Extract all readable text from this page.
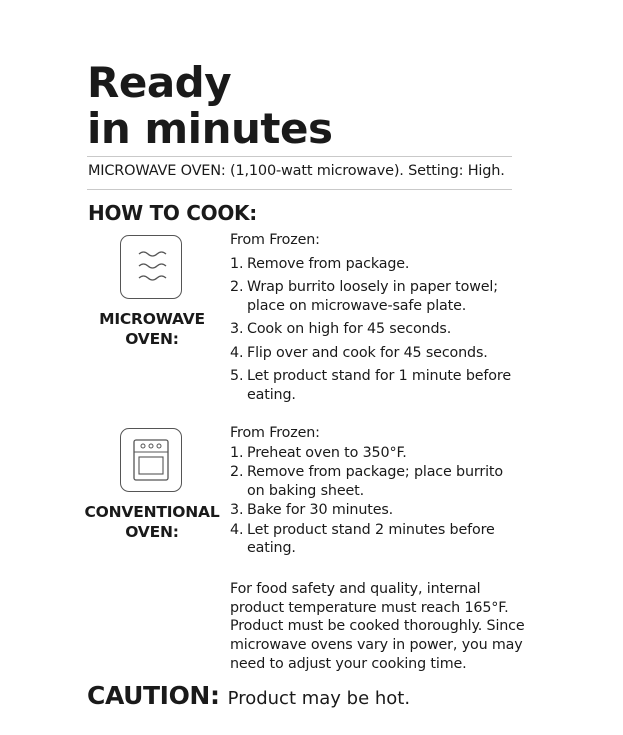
Ready
in minutes
MICROWAVE OVEN: (1,100-watt microwave). Setting: High.
HOW TO COOK:
MICROWAVE
OVEN:

From Frozen:

1. Remove from package.
2. Wrap burrito loosely in paper towel; place on microwave-safe plate.
3. Cook on high for 45 seconds.
4. Flip over and cook for 45 seconds.
5. Let product stand for 1 minute before eating.
CONVENTIONAL
OVEN:

From Frozen:

1. Preheat oven to 350°F.
2. Remove from package; place burrito on baking sheet.
3. Bake for 30 minutes.
4. Let product stand 2 minutes before eating.

For food safety and quality, internal product temperature must reach 165°F. Product must be cooked thoroughly. Since microwave ovens vary in power, you may need to adjust your cooking time.

CAUTION: Product may be hot.
